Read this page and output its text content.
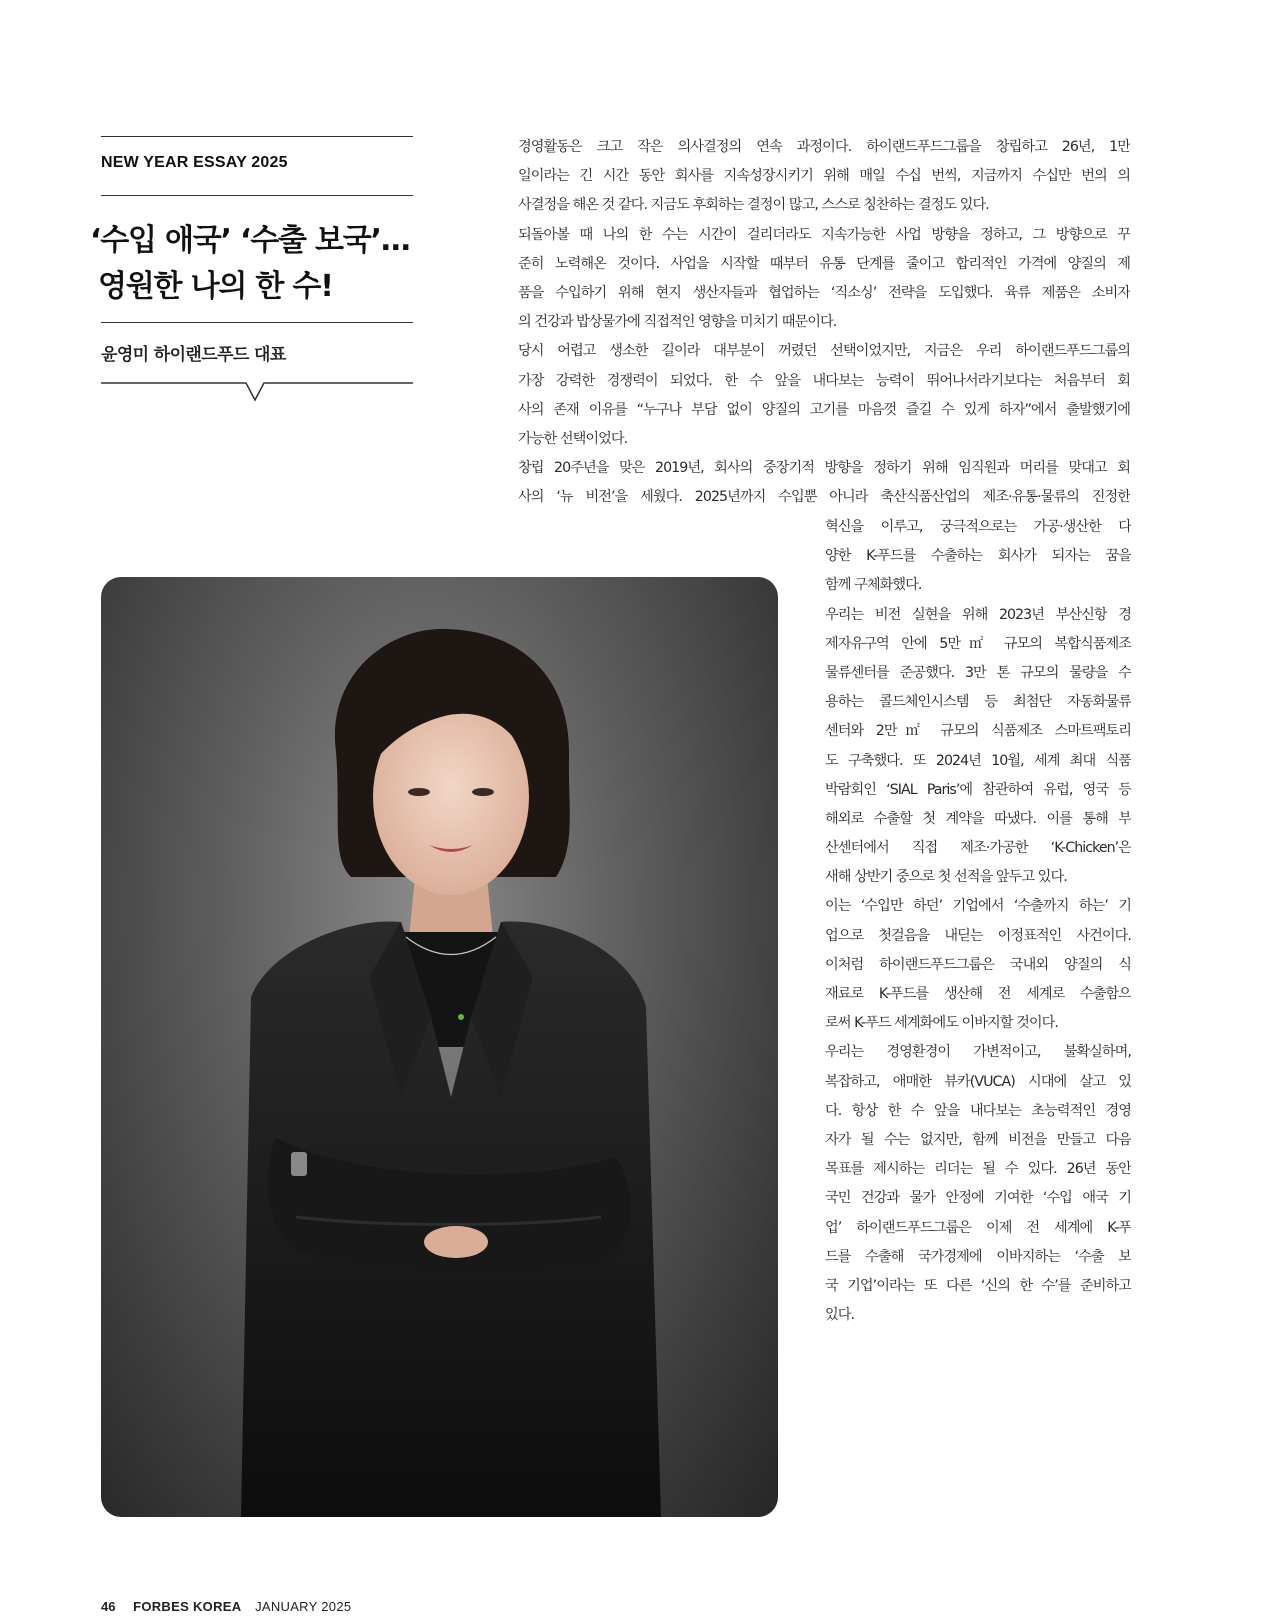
NEW YEAR ESSAY 2025
‘수입 애국’ ‘수출 보국’…
영원한 나의 한 수!
윤영미 하이랜드푸드 대표
경영활동은 크고 작은 의사결정의 연속 과정이다. 하이랜드푸드그룹을 창립하고 26년, 1만
일이라는 긴 시간 동안 회사를 지속성장시키기 위해 매일 수십 번씩, 지금까지 수십만 번의 의
사결정을 해온 것 같다. 지금도 후회하는 결정이 많고, 스스로 칭찬하는 결정도 있다.
되돌아볼 때 나의 한 수는 시간이 걸리더라도 지속가능한 사업 방향을 정하고, 그 방향으로 꾸
준히 노력해온 것이다. 사업을 시작할 때부터 유통 단계를 줄이고 합리적인 가격에 양질의 제
품을 수입하기 위해 현지 생산자들과 협업하는 ‘직소싱’ 전략을 도입했다. 육류 제품은 소비자
의 건강과 밥상물가에 직접적인 영향을 미치기 때문이다.
당시 어렵고 생소한 길이라 대부분이 꺼렸던 선택이었지만, 지금은 우리 하이랜드푸드그룹의
가장 강력한 경쟁력이 되었다. 한 수 앞을 내다보는 능력이 뛰어나서라기보다는 처음부터 회
사의 존재 이유를 “누구나 부담 없이 양질의 고기를 마음껏 즐길 수 있게 하자”에서 출발했기에
가능한 선택이었다.
창립 20주년을 맞은 2019년, 회사의 중장기적 방향을 정하기 위해 임직원과 머리를 맞대고 회
사의 ‘뉴 비전’을 세웠다. 2025년까지 수입뿐 아니라 축산식품산업의 제조·유통·물류의 진정한
혁신을 이루고, 궁극적으로는 가공·생산한 다
양한 K-푸드를 수출하는 회사가 되자는 꿈을
함께 구체화했다.
우리는 비전 실현을 위해 2023년 부산신항 경
제자유구역 안에 5만㎡ 규모의 복합식품제조
물류센터를 준공했다. 3만 톤 규모의 물량을 수
용하는 콜드체인시스템 등 최첨단 자동화물류
센터와 2만㎡ 규모의 식품제조 스마트팩토리
도 구축했다. 또 2024년 10월, 세계 최대 식품
박람회인 ‘SIAL Paris’에 참관하여 유럽, 영국 등
해외로 수출할 첫 계약을 따냈다. 이를 통해 부
산센터에서 직접 제조·가공한 ‘K-Chicken’은
새해 상반기 중으로 첫 선적을 앞두고 있다.
이는 ‘수입만 하던’ 기업에서 ‘수출까지 하는’ 기
업으로 첫걸음을 내딛는 이정표적인 사건이다.
이처럼 하이랜드푸드그룹은 국내외 양질의 식
재료로 K-푸드를 생산해 전 세계로 수출함으
로써 K-푸드 세계화에도 이바지할 것이다.
우리는 경영환경이 가변적이고, 불확실하며,
복잡하고, 애매한 뷰카(VUCA) 시대에 살고 있
다. 항상 한 수 앞을 내다보는 초능력적인 경영
자가 될 수는 없지만, 함께 비전을 만들고 다음
목표를 제시하는 리더는 될 수 있다. 26년 동안
국민 건강과 물가 안정에 기여한 ‘수입 애국 기
업’ 하이랜드푸드그룹은 이제 전 세계에 K-푸
드를 수출해 국가경제에 이바지하는 ‘수출 보
국 기업’이라는 또 다른 ‘신의 한 수’를 준비하고
있다.
46 FORBES KOREA JANUARY 2025
